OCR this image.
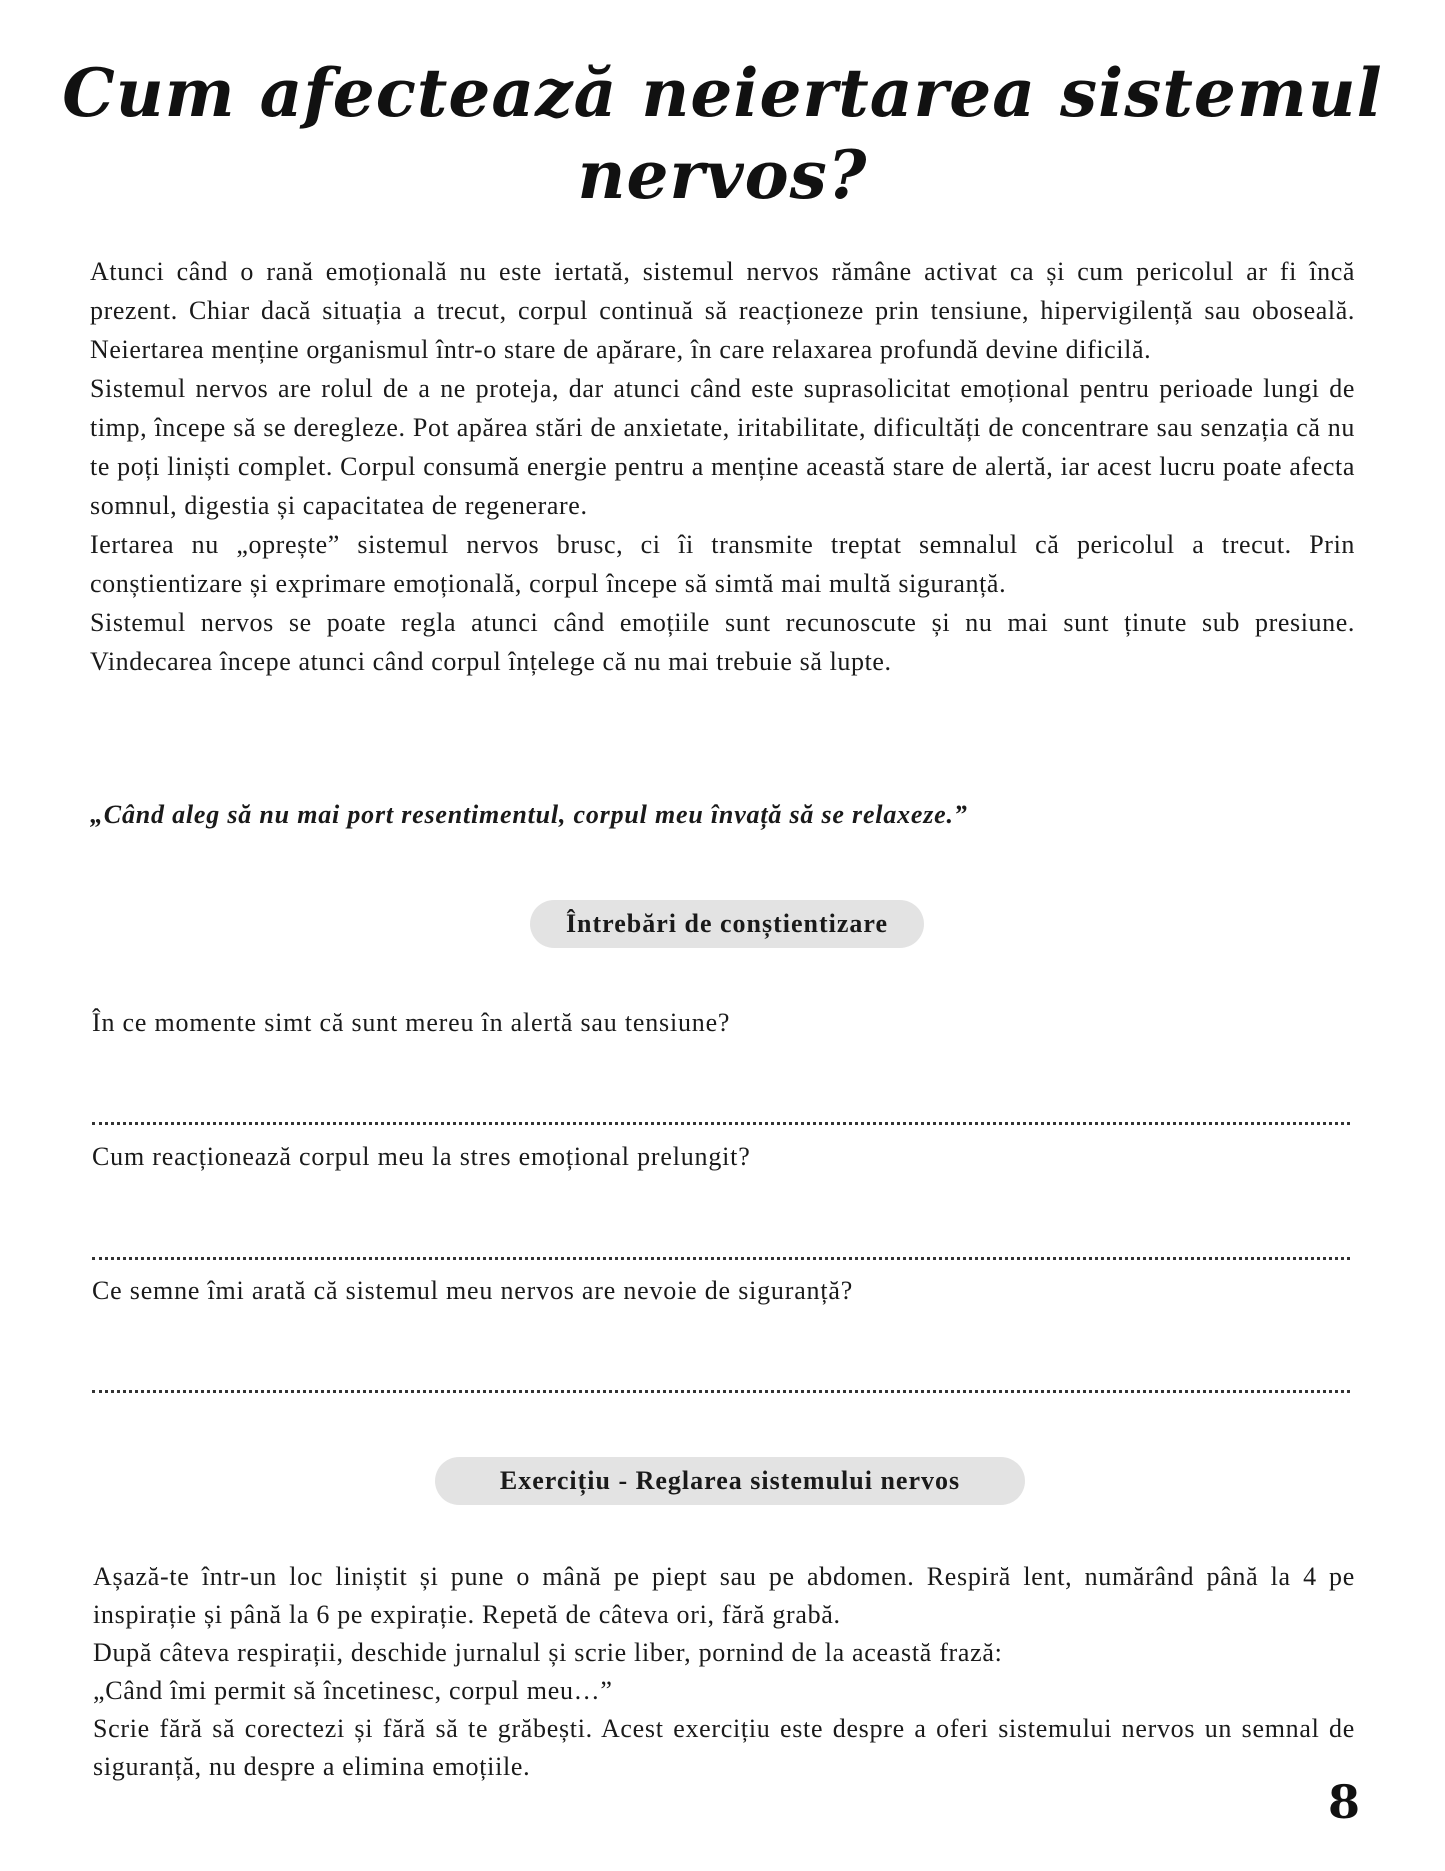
Cum afectează neiertarea sistemul
nervos?

Atunci când o rană emoțională nu este iertată, sistemul nervos rămâne activat ca și cum pericolul ar fi încă prezent. Chiar dacă situația a trecut, corpul continuă să reacționeze prin tensiune, hipervigilență sau oboseală. Neiertarea menține organismul într-o stare de apărare, în care relaxarea profundă devine dificilă.

Sistemul nervos are rolul de a ne proteja, dar atunci când este suprasolicitat emoțional pentru perioade lungi de timp, începe să se deregleze. Pot apărea stări de anxietate, iritabilitate, dificultăți de concentrare sau senzația că nu te poți liniști complet. Corpul consumă energie pentru a menține această stare de alertă, iar acest lucru poate afecta somnul, digestia și capacitatea de regenerare.

Iertarea nu „oprește” sistemul nervos brusc, ci îi transmite treptat semnalul că pericolul a trecut. Prin conștientizare și exprimare emoțională, corpul începe să simtă mai multă siguranță.

Sistemul nervos se poate regla atunci când emoțiile sunt recunoscute și nu mai sunt ținute sub presiune. Vindecarea începe atunci când corpul înțelege că nu mai trebuie să lupte.

„Când aleg să nu mai port resentimentul, corpul meu învață să se relaxeze.”

Întrebări de conștientizare

În ce momente simt că sunt mereu în alertă sau tensiune?

Cum reacționează corpul meu la stres emoțional prelungit?

Ce semne îmi arată că sistemul meu nervos are nevoie de siguranță?

Exercițiu - Reglarea sistemului nervos

Așază-te într-un loc liniștit și pune o mână pe piept sau pe abdomen. Respiră lent, numărând până la 4 pe inspirație și până la 6 pe expirație. Repetă de câteva ori, fără grabă.

După câteva respirații, deschide jurnalul și scrie liber, pornind de la această frază:

„Când îmi permit să încetinesc, corpul meu…”

Scrie fără să corectezi și fără să te grăbești. Acest exercițiu este despre a oferi sistemului nervos un semnal de siguranță, nu despre a elimina emoțiile.

8
